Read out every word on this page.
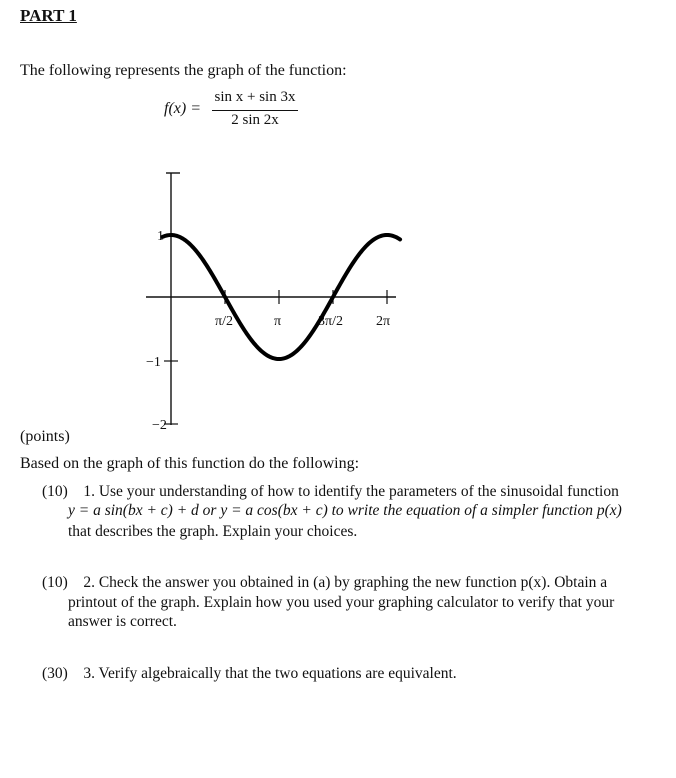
PART 1
The following represents the graph of the function:
f(x) =
sin x + sin 3x
2 sin 2x
π/2	π	3π/2 2π
1
−1
−2
(points)
Based on the graph of this function do the following:
(10) 1. Use your understanding of how to identify the parameters of the sinusoidal function
y = a sin(bx + c) + d or y = a cos(bx + c) to write the equation of a simpler function p(x)
that describes the graph. Explain your choices.
(10) 2. Check the answer you obtained in (a) by graphing the new function p(x). Obtain a
printout of the graph. Explain how you used your graphing calculator to verify that your
answer is correct.
(30) 3. Verify algebraically that the two equations are equivalent.
